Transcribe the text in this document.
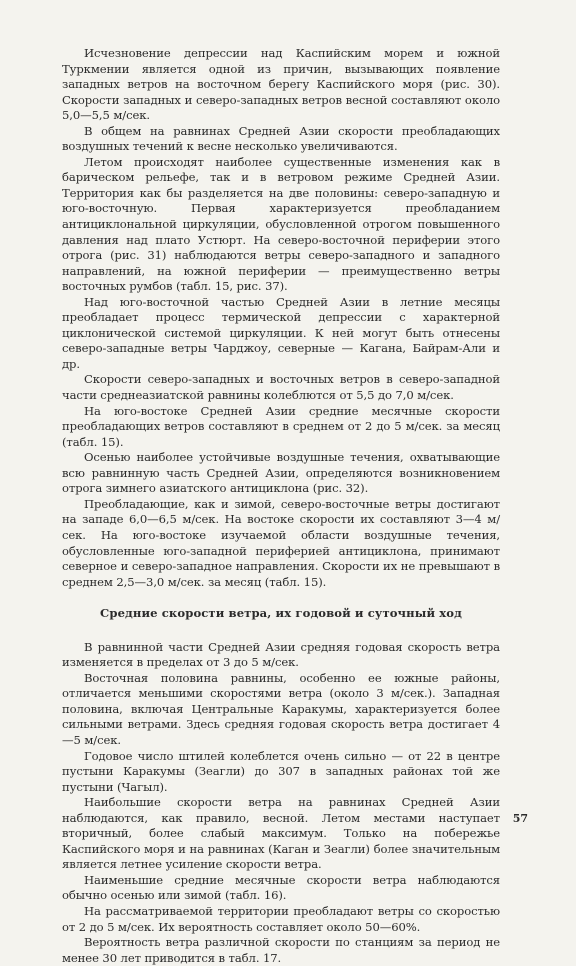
Исчезновение депрессии над Каспийским морем и южной Туркмении является одной из причин, вызывающих появление западных ветров на восточном берегу Каспийского моря (рис. 30). Скорости западных и северо-западных ветров весной составляют около 5,0—5,5 м/сек.

В общем на равнинах Средней Азии скорости преобладающих воздушных течений к весне несколько увеличиваются.

Летом происходят наиболее существенные изменения как в барическом рельефе, так и в ветровом режиме Средней Азии. Территория как бы разделяется на две половины: северо-западную и юго-восточную. Первая характеризуется преобладанием антициклональной циркуляции, обусловленной отрогом повышенного давления над плато Устюрт. На северо-восточной периферии этого отрога (рис. 31) наблюдаются ветры северо-западного и западного направлений, на южной периферии — преимущественно ветры восточных румбов (табл. 15, рис. 37).

Над юго-восточной частью Средней Азии в летние месяцы преобладает процесс термической депрессии с характерной циклонической системой циркуляции. К ней могут быть отнесены северо-западные ветры Чарджоу, северные — Кагана, Байрам-Али и др.

Скорости северо-западных и восточных ветров в северо-западной части среднеазиатской равнины колеблются от 5,5 до 7,0 м/сек.

На юго-востоке Средней Азии средние месячные скорости преобладающих ветров составляют в среднем от 2 до 5 м/сек. за месяц (табл. 15).

Осенью наиболее устойчивые воздушные течения, охватывающие всю равнинную часть Средней Азии, определяются возникновением отрога зимнего азиатского антициклона (рис. 32).

Преобладающие, как и зимой, северо-восточные ветры достигают на западе 6,0—6,5 м/сек. На востоке скорости их составляют 3—4 м/сек. На юго-востоке изучаемой области воздушные течения, обусловленные юго-западной периферией антициклона, принимают северное и северо-западное направления. Скорости их не превышают в среднем 2,5—3,0 м/сек. за месяц (табл. 15).

Средние скорости ветра, их годовой и суточный ход

В равнинной части Средней Азии средняя годовая скорость ветра изменяется в пределах от 3 до 5 м/сек.

Восточная половина равнины, особенно ее южные районы, отличается меньшими скоростями ветра (около 3 м/сек.). Западная половина, включая Центральные Каракумы, характеризуется более сильными ветрами. Здесь средняя годовая скорость ветра достигает 4—5 м/сек.

Годовое число штилей колеблется очень сильно — от 22 в центре пустыни Каракумы (Зеагли) до 307 в западных районах той же пустыни (Чагыл).

Наибольшие скорости ветра на равнинах Средней Азии наблюдаются, как правило, весной. Летом местами наступает вторичный, более слабый максимум. Только на побережье Каспийского моря и на равнинах (Каган и Зеагли) более значительным является летнее усиление скорости ветра.

Наименьшие средние месячные скорости ветра наблюдаются обычно осенью или зимой (табл. 16).

На рассматриваемой территории преобладают ветры со скоростью от 2 до 5 м/сек. Их вероятность составляет около 50—60%.

Вероятность ветра различной скорости по станциям за период не менее 30 лет приводится в табл. 17.

57
